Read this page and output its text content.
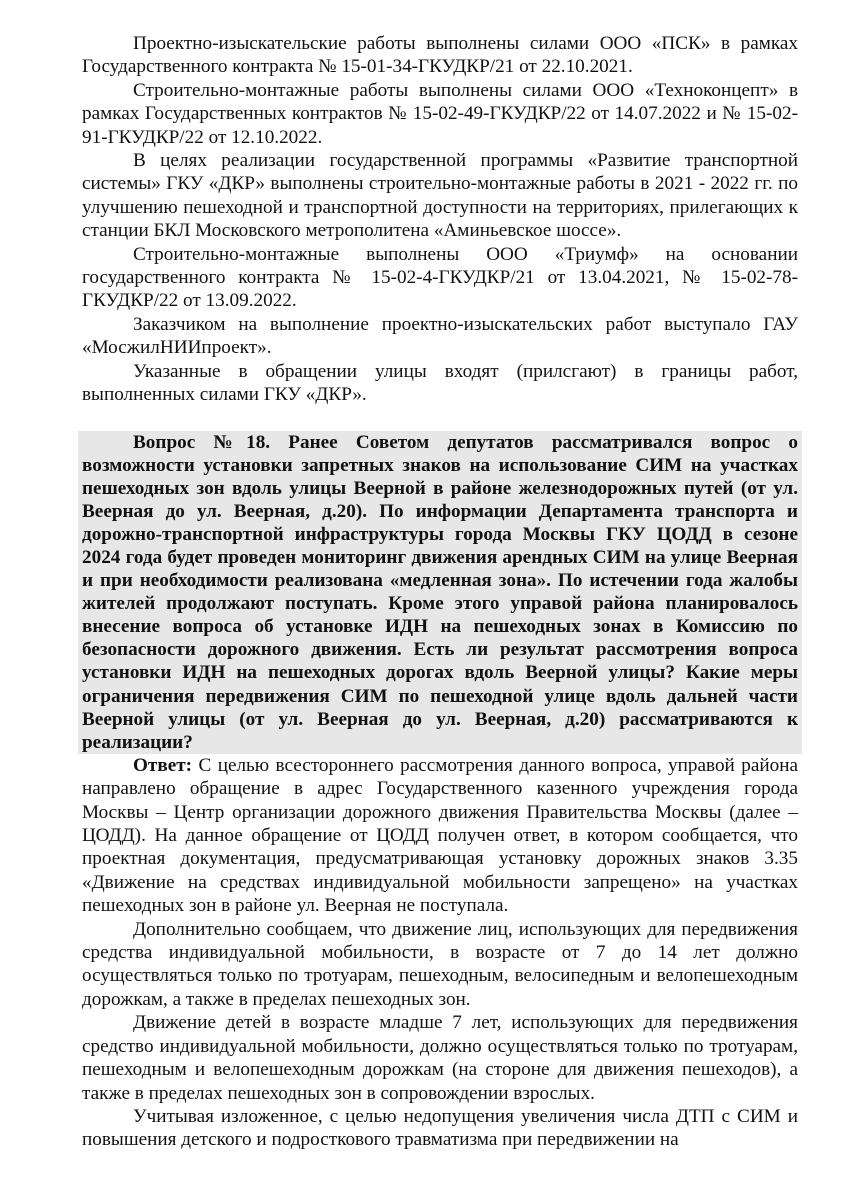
Проектно-изыскательские работы выполнены силами ООО «ПСК» в рамках Государственного контракта № 15-01-34-ГКУДКР/21 от 22.10.2021.

Строительно-монтажные работы выполнены силами ООО «Техноконцепт» в рамках Государственных контрактов № 15-02-49-ГКУДКР/22 от 14.07.2022 и № 15-02-91-ГКУДКР/22 от 12.10.2022.

В целях реализации государственной программы «Развитие транспортной системы» ГКУ «ДКР» выполнены строительно-монтажные работы в 2021 - 2022 гг. по улучшению пешеходной и транспортной доступности на территориях, прилегающих к станции БКЛ Московского метрополитена «Аминьевское шоссе».

Строительно-монтажные выполнены ООО «Триумф» на основании государственного контракта № 15-02-4-ГКУДКР/21 от 13.04.2021, № 15-02-78-ГКУДКР/22 от 13.09.2022.

Заказчиком на выполнение проектно-изыскательских работ выступало ГАУ «МосжилНИИпроект».

Указанные в обращении улицы входят (прилсгают) в границы работ, выполненных силами ГКУ «ДКР».

Вопрос №18. Ранее Советом депутатов рассматривался вопрос о возможности установки запретных знаков на использование СИМ на участках пешеходных зон вдоль улицы Веерной в районе железнодорожных путей (от ул. Веерная до ул. Веерная, д.20). По информации Департамента транспорта и дорожно-транспортной инфраструктуры города Москвы ГКУ ЦОДД в сезоне 2024 года будет проведен мониторинг движения арендных СИМ на улице Веерная и при необходимости реализована «медленная зона». По истечении года жалобы жителей продолжают поступать. Кроме этого управой района планировалось внесение вопроса об установке ИДН на пешеходных зонах в Комиссию по безопасности дорожного движения. Есть ли результат рассмотрения вопроса установки ИДН на пешеходных дорогах вдоль Веерной улицы? Какие меры ограничения передвижения СИМ по пешеходной улице вдоль дальней части Веерной улицы (от ул. Веерная до ул. Веерная, д.20) рассматриваются к реализации?

Ответ: С целью всестороннего рассмотрения данного вопроса, управой района направлено обращение в адрес Государственного казенного учреждения города Москвы – Центр организации дорожного движения Правительства Москвы (далее – ЦОДД). На данное обращение от ЦОДД получен ответ, в котором сообщается, что проектная документация, предусматривающая установку дорожных знаков 3.35 «Движение на средствах индивидуальной мобильности запрещено» на участках пешеходных зон в районе ул. Веерная не поступала.

Дополнительно сообщаем, что движение лиц, использующих для передвижения средства индивидуальной мобильности, в возрасте от 7 до 14 лет должно осуществляться только по тротуарам, пешеходным, велосипедным и велопешеходным дорожкам, а также в пределах пешеходных зон.

Движение детей в возрасте младше 7 лет, использующих для передвижения средство индивидуальной мобильности, должно осуществляться только по тротуарам, пешеходным и велопешеходным дорожкам (на стороне для движения пешеходов), а также в пределах пешеходных зон в сопровождении взрослых.

Учитывая изложенное, с целью недопущения увеличения числа ДТП с СИМ и повышения детского и подросткового травматизма при передвижении на
